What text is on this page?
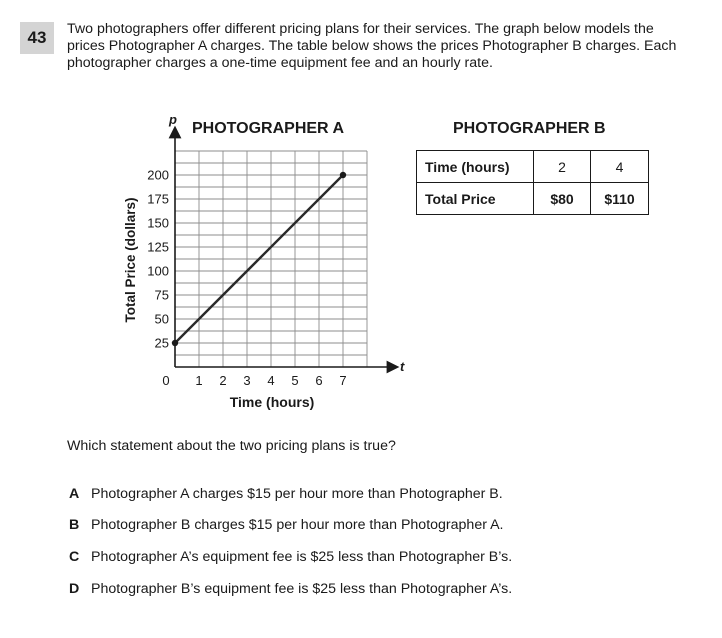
43	Two photographers offer different pricing plans for their services. The graph below models the prices Photographer A charges. The table below shows the prices Photographer B charges. Each photographer charges a one-time equipment fee and an hourly rate.

PHOTOGRAPHER A

p
t
0 1 2 3 4 5 6 7
25
50
75
100
125
150
175
200
Time (hours)
Total Price (dollars)

PHOTOGRAPHER B

Time (hours)	2	4
Total Price	$80	$110

Which statement about the two pricing plans is true?

A Photographer A charges $15 per hour more than Photographer B.

B Photographer B charges $15 per hour more than Photographer A.

C Photographer A’s equipment fee is $25 less than Photographer B’s.

D Photographer B’s equipment fee is $25 less than Photographer A’s.
